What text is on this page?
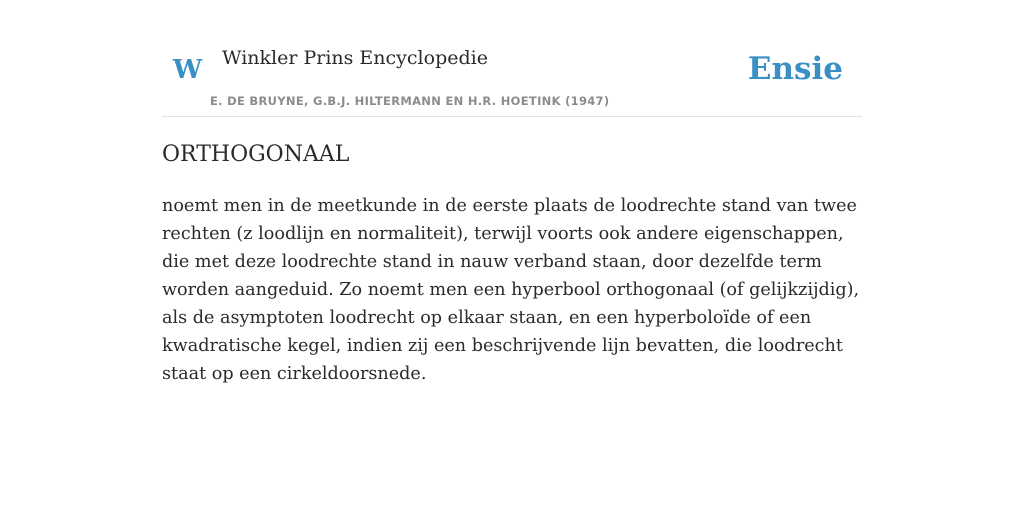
W Winkler Prins Encyclopedie
E. DE BRUYNE, G.B.J. HILTERMANN EN H.R. HOETINK (1947)
Ensie
ORTHOGONAAL

noemt men in de meetkunde in de eerste plaats de loodrechte stand van twee rechten (z loodlijn en normaliteit), terwijl voorts ook andere eigenschappen, die met deze loodrechte stand in nauw verband staan, door dezelfde term worden aangeduid. Zo noemt men een hyperbool orthogonaal (of gelijkzijdig), als de asymptoten loodrecht op elkaar staan, en een hyperboloïde of een kwadratische kegel, indien zij een beschrijvende lijn bevatten, die loodrecht staat op een cirkeldoorsnede.
